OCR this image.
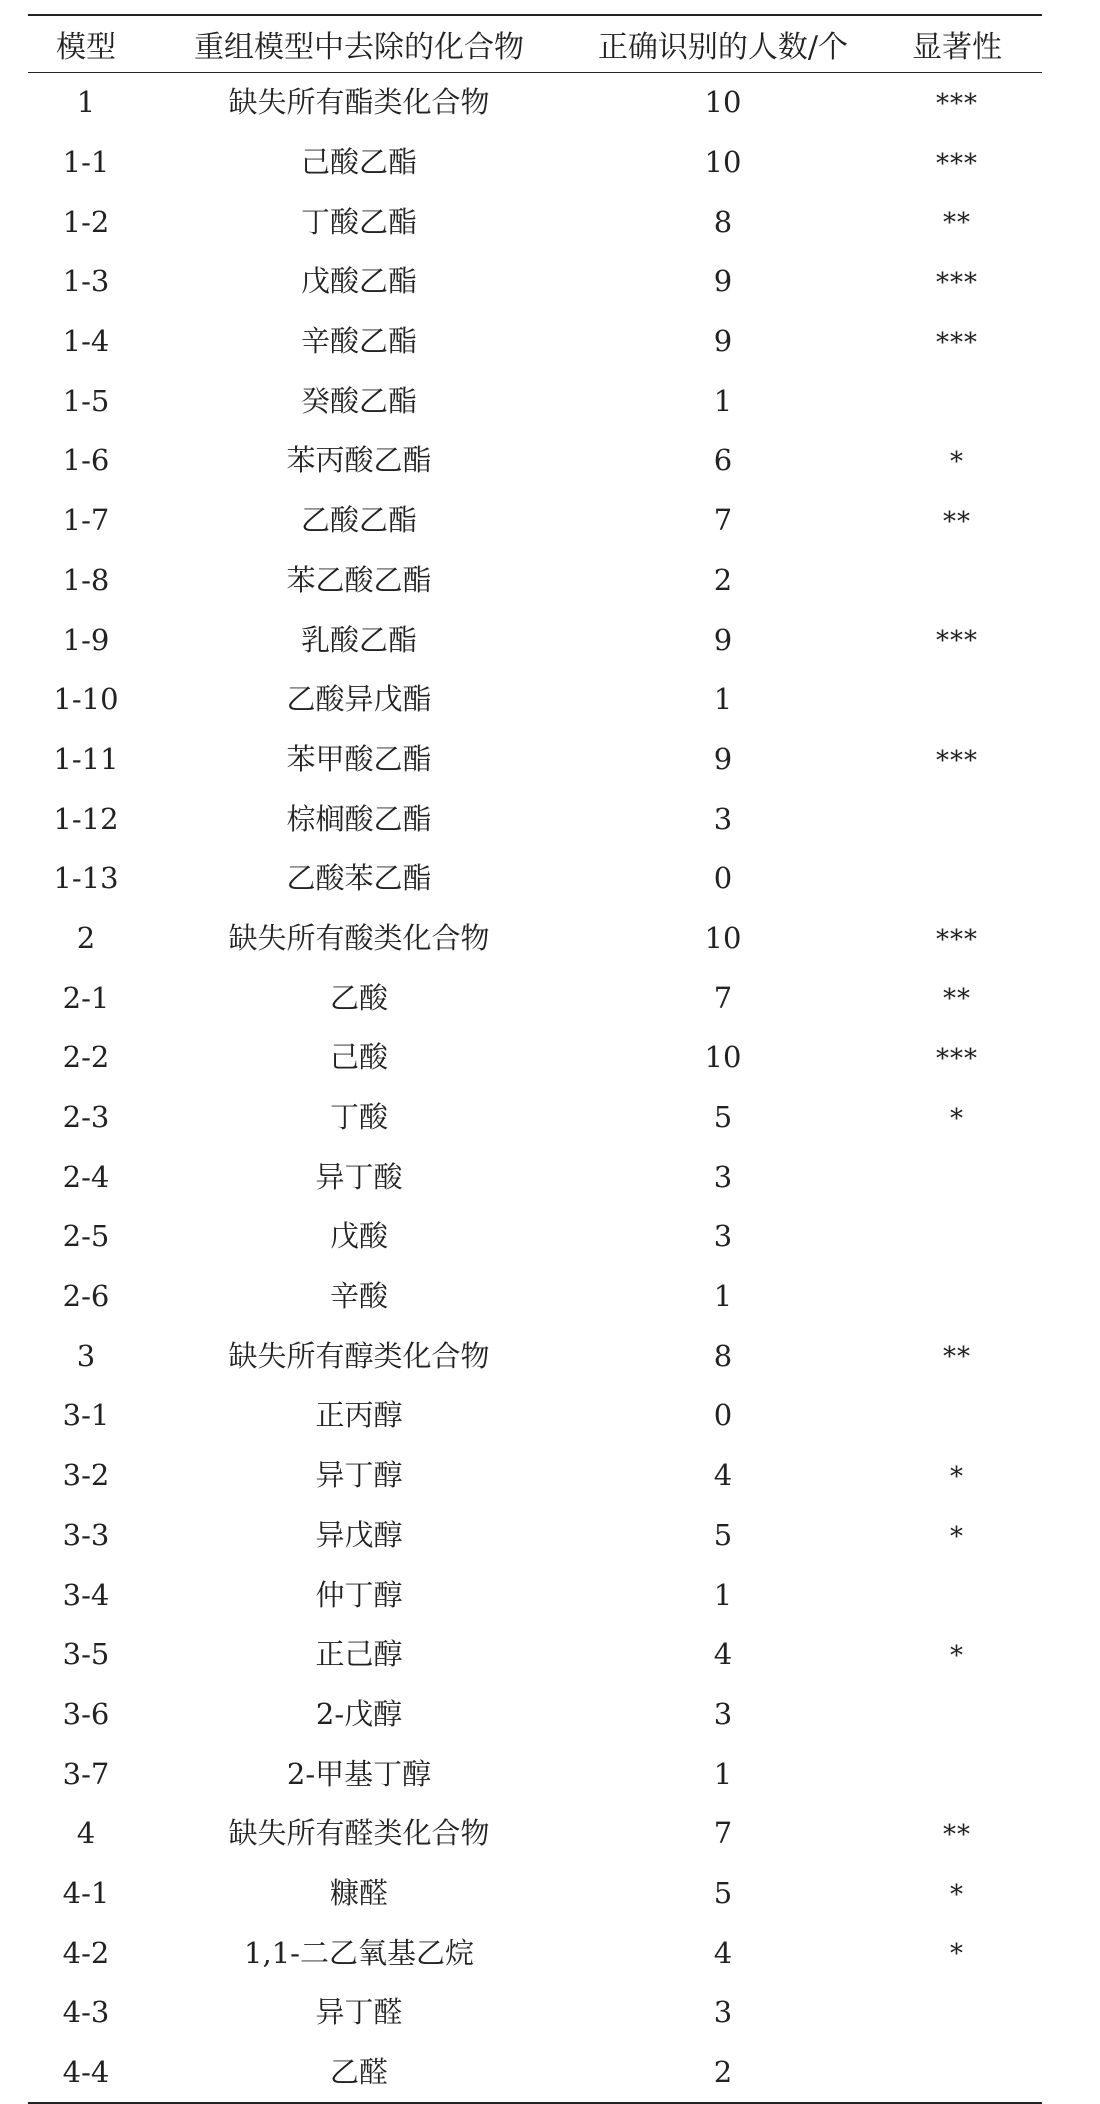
模型	重组模型中去除的化合物	正确识别的人数/个	显著性
1	缺失所有酯类化合物	10	***
1-1	己酸乙酯	10	***
1-2	丁酸乙酯	8	**
1-3	戊酸乙酯	9	***
1-4	辛酸乙酯	9	***
1-5	癸酸乙酯	1	
1-6	苯丙酸乙酯	6	*
1-7	乙酸乙酯	7	**
1-8	苯乙酸乙酯	2	
1-9	乳酸乙酯	9	***
1-10	乙酸异戊酯	1	
1-11	苯甲酸乙酯	9	***
1-12	棕榈酸乙酯	3	
1-13	乙酸苯乙酯	0	
2	缺失所有酸类化合物	10	***
2-1	乙酸	7	**
2-2	己酸	10	***
2-3	丁酸	5	*
2-4	异丁酸	3	
2-5	戊酸	3	
2-6	辛酸	1	
3	缺失所有醇类化合物	8	**
3-1	正丙醇	0	
3-2	异丁醇	4	*
3-3	异戊醇	5	*
3-4	仲丁醇	1	
3-5	正己醇	4	*
3-6	2-戊醇	3	
3-7	2-甲基丁醇	1	
4	缺失所有醛类化合物	7	**
4-1	糠醛	5	*
4-2	1,1-二乙氧基乙烷	4	*
4-3	异丁醛	3	
4-4	乙醛	2	
